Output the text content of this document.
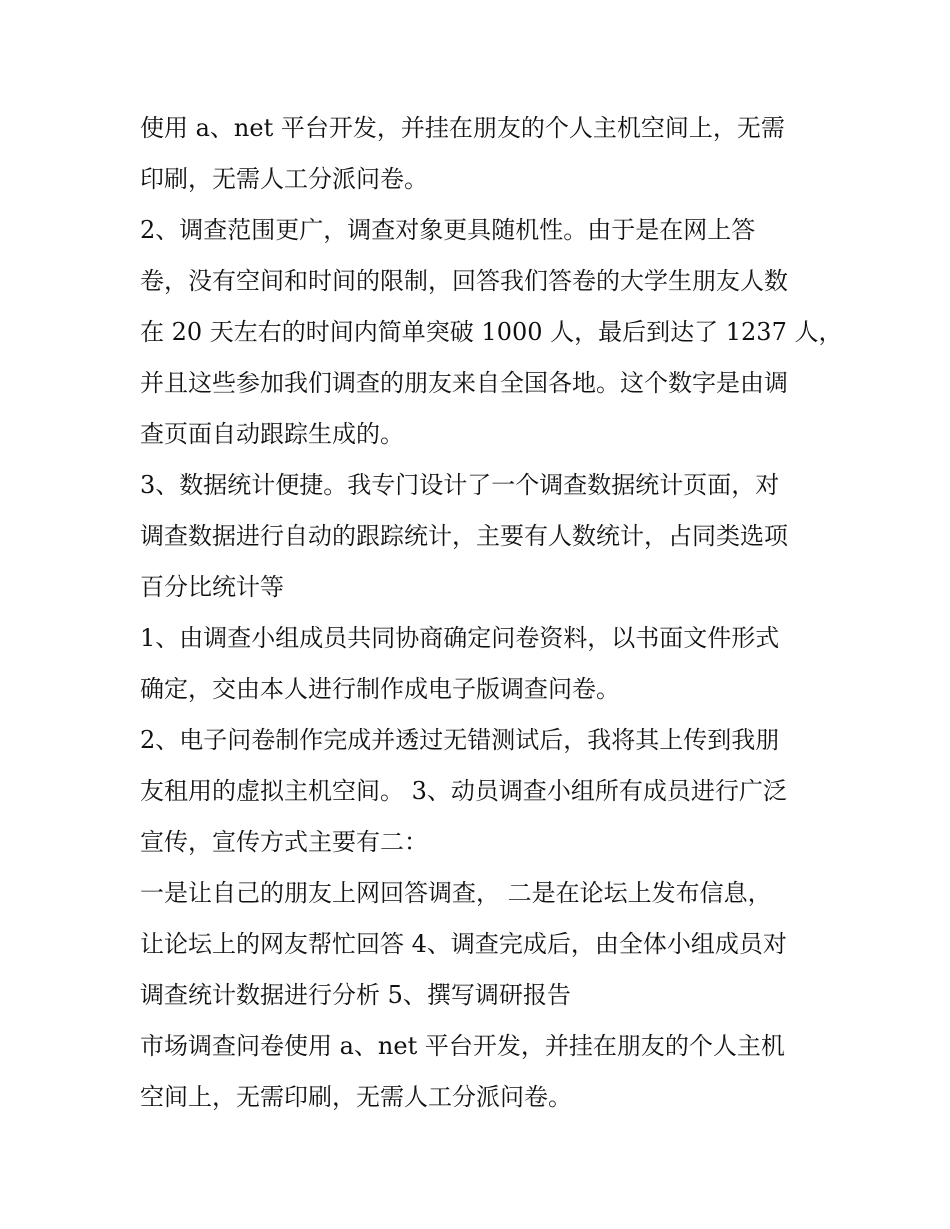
使用 a、net 平台开发，并挂在朋友的个人主机空间上，无需
印刷，无需人工分派问卷。
2、调查范围更广，调查对象更具随机性。由于是在网上答
卷，没有空间和时间的限制，回答我们答卷的大学生朋友人数
在 20 天左右的时间内简单突破 1000 人，最后到达了 1237 人，
并且这些参加我们调查的朋友来自全国各地。这个数字是由调
查页面自动跟踪生成的。
3、数据统计便捷。我专门设计了一个调查数据统计页面，对
调查数据进行自动的跟踪统计，主要有人数统计，占同类选项
百分比统计等
1、由调查小组成员共同协商确定问卷资料，以书面文件形式
确定，交由本人进行制作成电子版调查问卷。
2、电子问卷制作完成并透过无错测试后，我将其上传到我朋
友租用的虚拟主机空间。 3、动员调查小组所有成员进行广泛
宣传，宣传方式主要有二：
一是让自己的朋友上网回答调查， 二是在论坛上发布信息，
让论坛上的网友帮忙回答 4、调查完成后，由全体小组成员对
调查统计数据进行分析 5、撰写调研报告
市场调查问卷使用 a、net 平台开发，并挂在朋友的个人主机
空间上，无需印刷，无需人工分派问卷。
